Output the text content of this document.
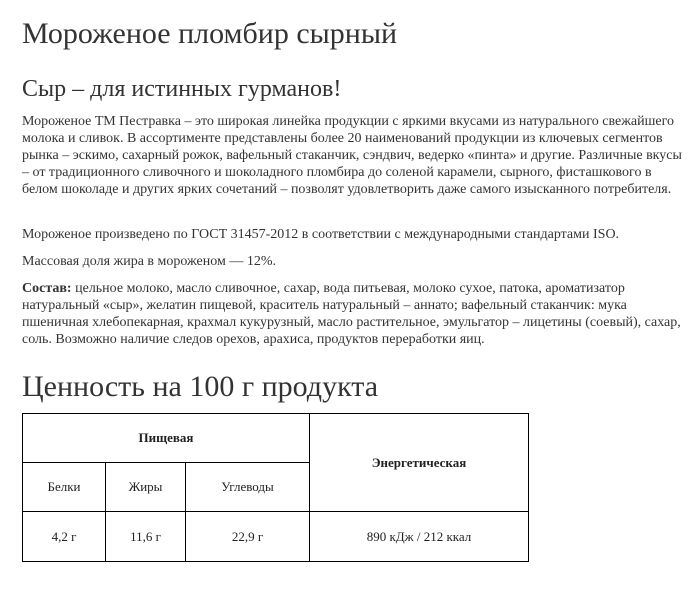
Мороженое пломбир сырный
Сыр – для истинных гурманов!

Мороженое ТМ Пестравка – это широкая линейка продукции с яркими вкусами из натурального свежайшего молока и сливок. В ассортименте представлены более 20 наименований продукции из ключевых сегментов рынка – эскимо, сахарный рожок, вафельный стаканчик, сэндвич, ведерко «пинта» и другие. Различные вкусы – от традиционного сливочного и шоколадного пломбира до соленой карамели, сырного, фисташкового в белом шоколаде и других ярких сочетаний – позволят удовлетворить даже самого изысканного потребителя.

Мороженое произведено по ГОСТ 31457-2012 в соответствии с международными стандартами ISO.

Массовая доля жира в мороженом — 12%.

Состав: цельное молоко, масло сливочное, сахар, вода питьевая, молоко сухое, патока, ароматизатор натуральный «сыр», желатин пищевой, краситель натуральный – аннато; вафельный стаканчик: мука пшеничная хлебопекарная, крахмал кукурузный, масло растительное, эмульгатор – лицетины (соевый), сахар, соль. Возможно наличие следов орехов, арахиса, продуктов переработки яиц.

Ценность на 100 г продукта
Пищевая			Энергетическая
Белки	Жиры	Углеводы	
4,2 г	11,6 г	22,9 г	890 кДж / 212 ккал
